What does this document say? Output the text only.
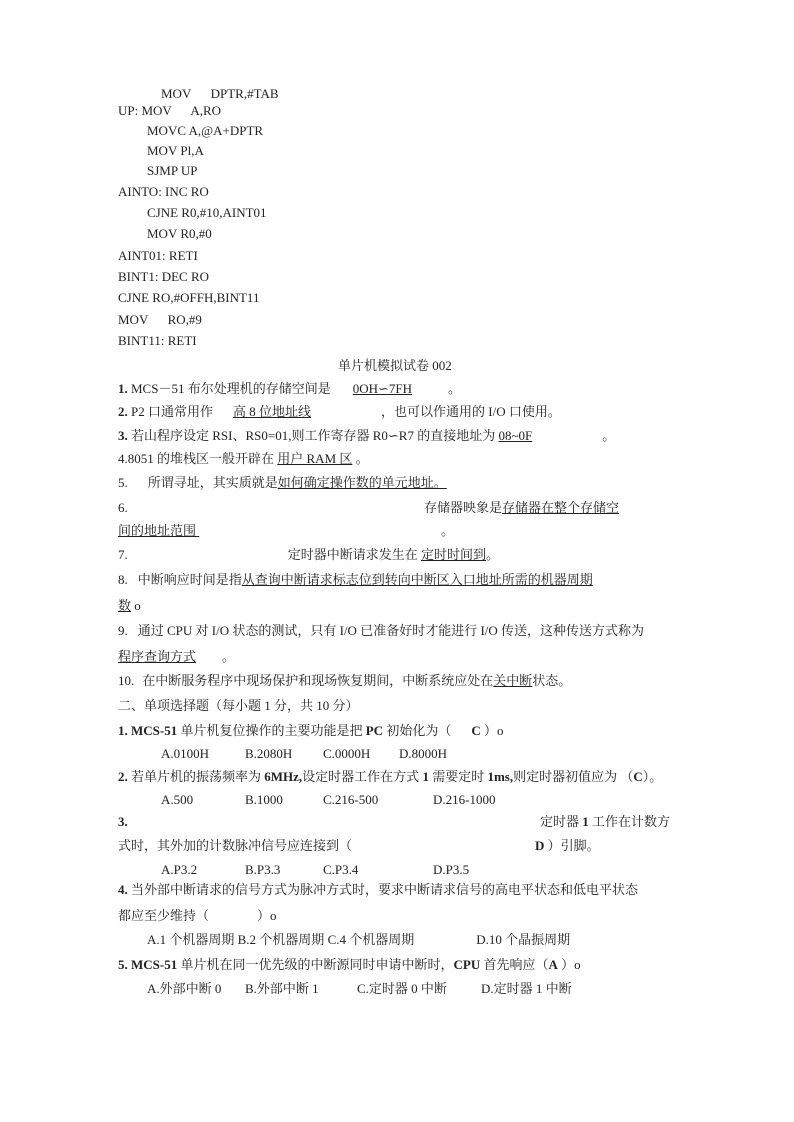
MOV      DPTR,#TAB
UP: MOV      A,RO
MOVC A,@A+DPTR
MOV Pl,A
SJMP UP
AINTO: INC RO
CJNE R0,#10,AINT01
MOV R0,#0
AINT01: RETI
BINT1: DEC RO
CJNE RO,#OFFH,BINT11
MOV      RO,#9
BINT11: RETI
单片机模拟试卷 002
1. MCS－51 布尔处理机的存储空间是 0OH∽7FH	。
2. P2 口通常用作 高 8 位地址线	，也可以作通用的 I/O 口使用。
3. 若山程序设定 RSI、RS0=01,则工作寄存器 R0∽R7 的直接地址为 08~0F	。
4.8051 的堆栈区一般开辟在 用户 RAM 区 。
5. 所谓寻址，其实质就是如何确定操作数的单元地址。
6.	存储器映象是存储器在整个存储空
间的地址范围	。
7.	定时器中断请求发生在 定时时间到。
8. 中断响应时间是指从查询中断请求标志位到转向中断区入口地址所需的机器周期
数 o
9. 通过 CPU 对 I/O 状态的测试，只有 I/O 已准备好时才能进行 I/O 传送，这种传送方式称为
程序查询方式 。
10. 在中断服务程序中现场保护和现场恢复期间，中断系统应处在关中断状态。
二、单项选择题（每小题 1 分，共 10 分）
1. MCS-51 单片机复位操作的主要功能是把 PC 初始化为（ C ）o
A.0100H	B.2080H C.0000H D.8000H
2. 若单片机的振荡频率为 6MHz,设定时器工作在方式 1 需要定时 1ms,则定时器初值应为 （C）。
A.500	B.1000	C.216-500	D.216-1000
3.	定时器 1 工作在计数方
式时，其外加的计数脉冲信号应连接到（	D ）引脚。
A.P3.2	B.P3.3	C.P3.4	D.P3.5
4. 当外部中断请求的信号方式为脉冲方式时，要求中断请求信号的高电平状态和低电平状态
都应至少维持（	）o
A.1 个机器周期 B.2 个机器周期 C.4 个机器周期	D.10 个晶振周期
5. MCS-51 单片机在同一优先级的中断源同时申请中断时，CPU 首先响应（A ）o
A.外部中断 0 B.外部中断 1	C.定时器 0 中断	D.定时器 1 中断
